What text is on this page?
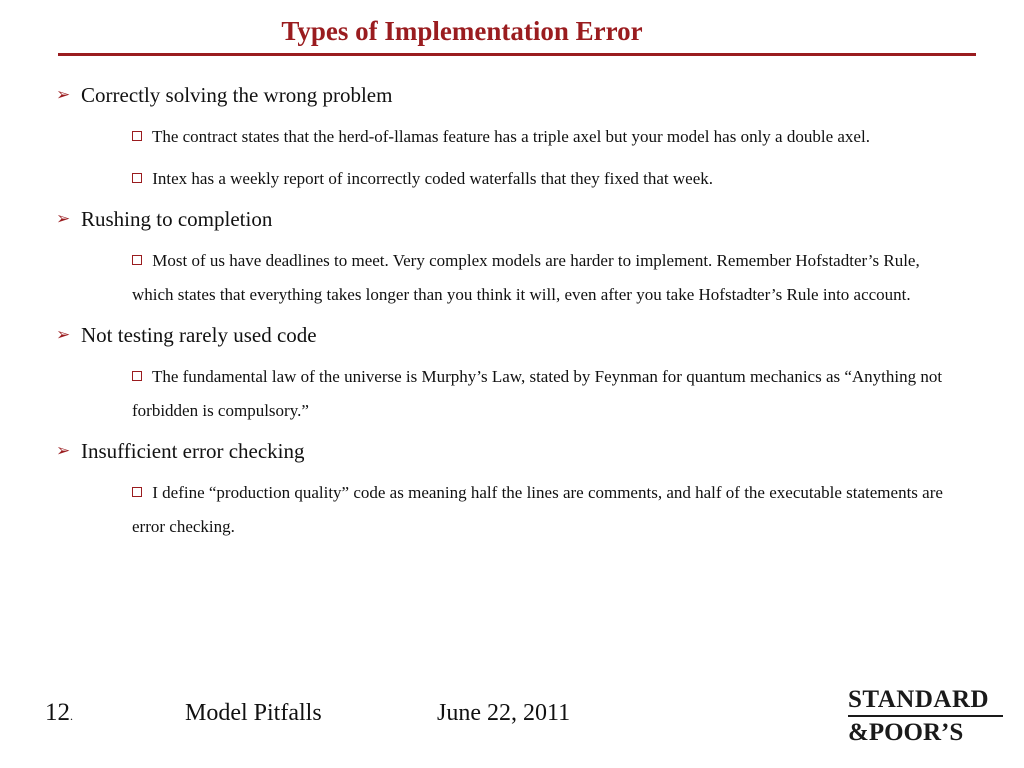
Types of Implementation Error
➢ Correctly solving the wrong problem
The contract states that the herd-of-llamas feature has a triple axel but your model has only a double axel.
Intex has a weekly report of incorrectly coded waterfalls that they fixed that week.
➢ Rushing to completion
Most of us have deadlines to meet. Very complex models are harder to implement. Remember Hofstadter’s Rule, which states that everything takes longer than you think it will, even after you take Hofstadter’s Rule into account.
➢ Not testing rarely used code
The fundamental law of the universe is Murphy’s Law, stated by Feynman for quantum mechanics as “Anything not forbidden is compulsory.”
➢ Insufficient error checking
I define “production quality” code as meaning half the lines are comments, and half of the executable statements are error checking.
12.	Model Pitfalls	June 22, 2011	STANDARD
&POOR’S
